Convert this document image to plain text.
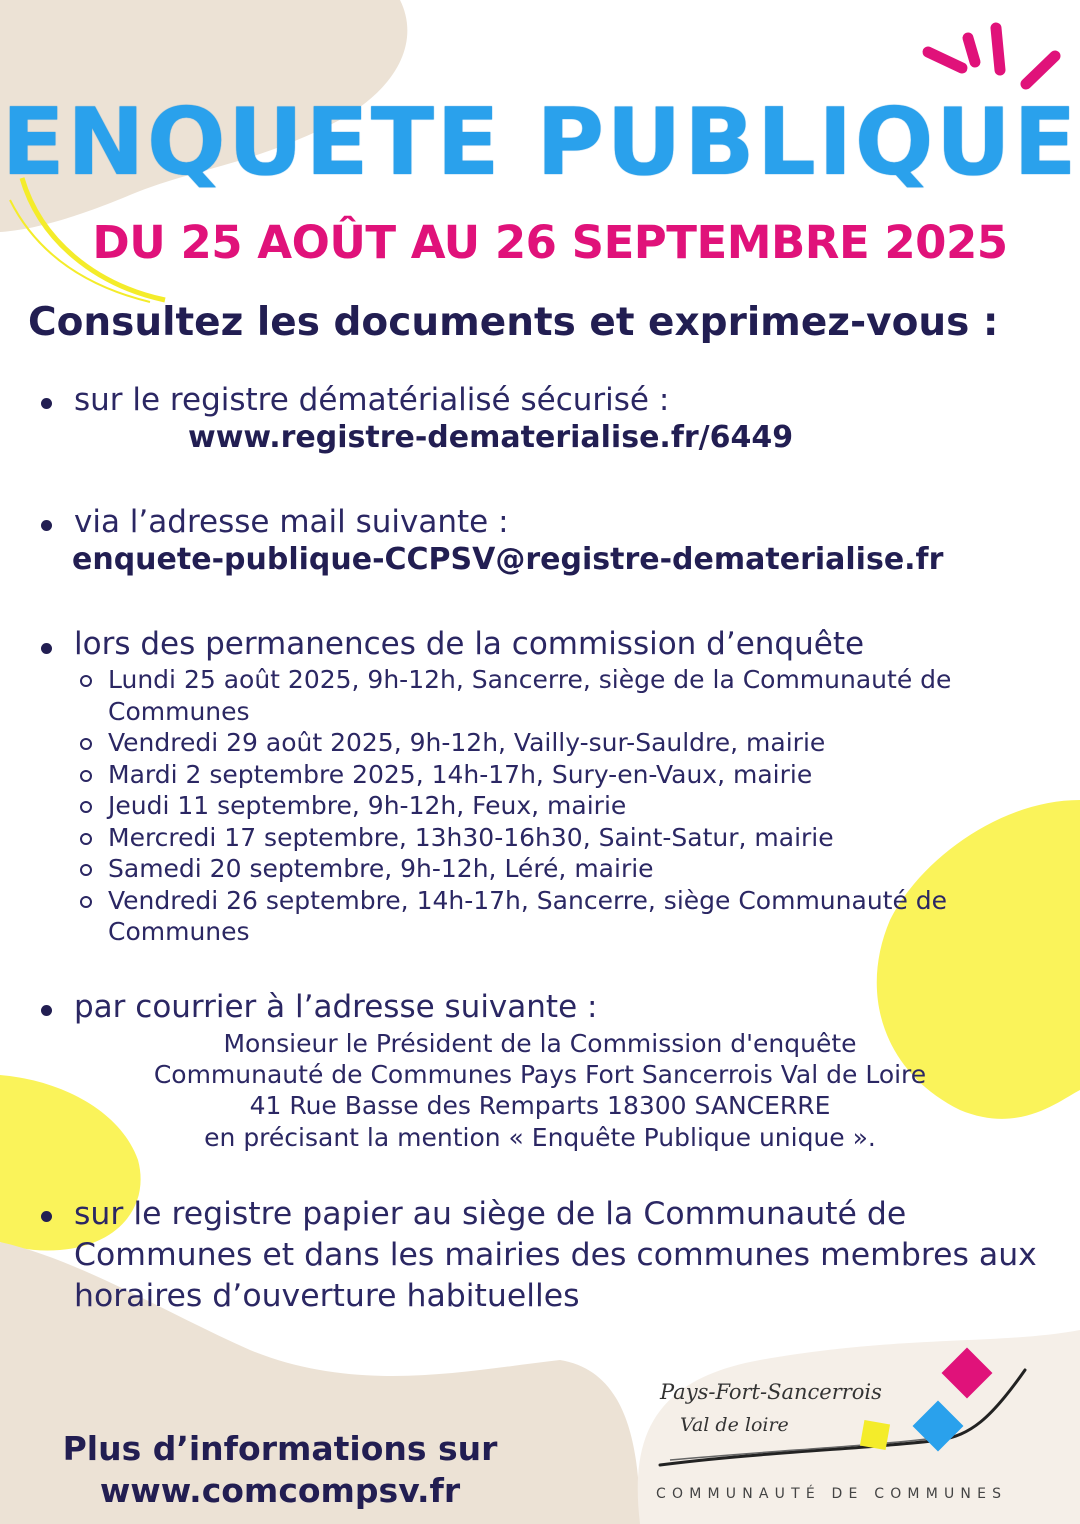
ENQUETE PUBLIQUE
DU 25 AOÛT AU 26 SEPTEMBRE 2025
Consultez les documents et exprimez-vous :
sur le registre dématérialisé sécurisé :
www.registre-dematerialise.fr/6449
via l’adresse mail suivante :
enquete-publique-CCPSV@registre-dematerialise.fr
lors des permanences de la commission d’enquête
Lundi 25 août 2025, 9h-12h, Sancerre, siège de la Communauté de Communes
Vendredi 29 août 2025, 9h-12h, Vailly-sur-Sauldre, mairie
Mardi 2 septembre 2025, 14h-17h, Sury-en-Vaux, mairie
Jeudi 11 septembre, 9h-12h, Feux, mairie
Mercredi 17 septembre, 13h30-16h30, Saint-Satur, mairie
Samedi 20 septembre, 9h-12h, Léré, mairie
Vendredi 26 septembre, 14h-17h, Sancerre, siège Communauté de Communes
par courrier à l’adresse suivante :
Monsieur le Président de la Commission d'enquête
Communauté de Communes Pays Fort Sancerrois Val de Loire
41 Rue Basse des Remparts 18300 SANCERRE
en précisant la mention « Enquête Publique unique ».
sur le registre papier au siège de la Communauté de Communes et dans les mairies des communes membres aux horaires d’ouverture habituelles
Plus d’informations sur
www.comcompsv.fr
Pays-Fort-Sancerrois
Val de loire
COMMUNAUTÉ DE COMMUNES
